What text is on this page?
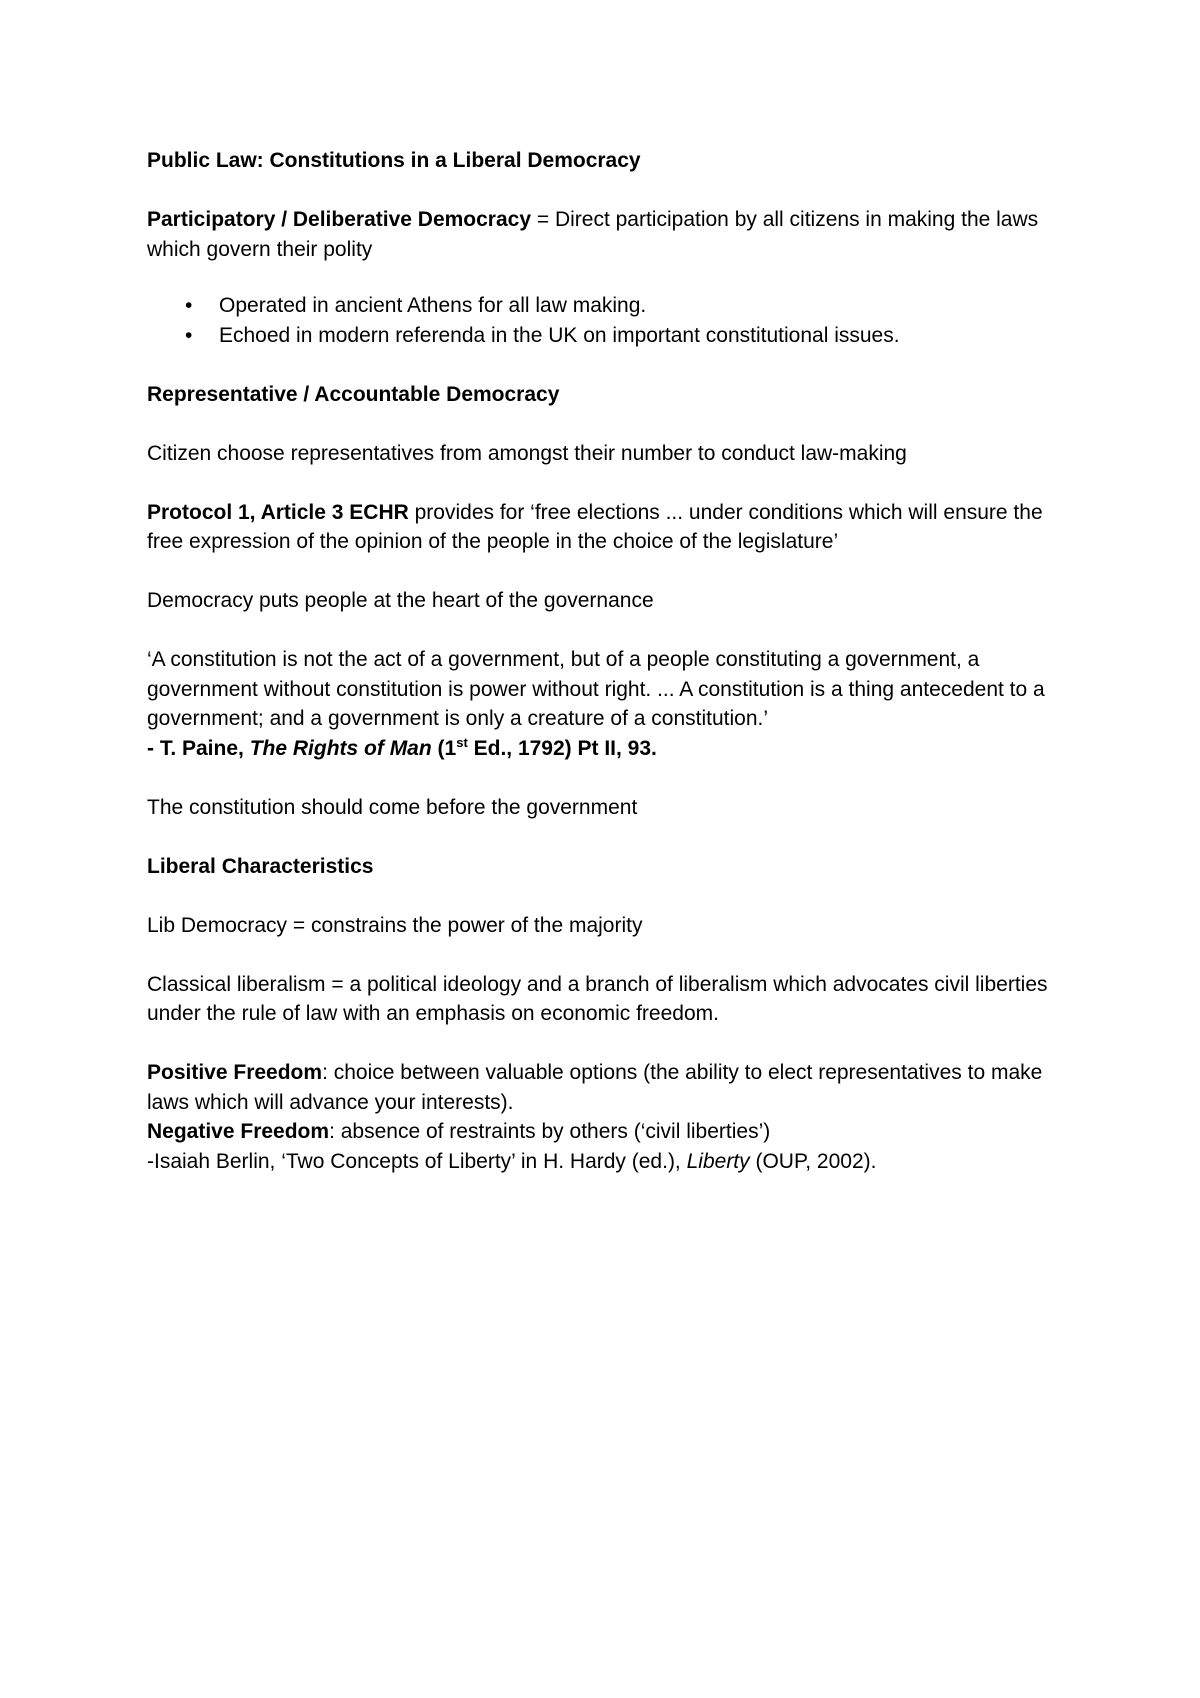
Public Law: Constitutions in a Liberal Democracy

Participatory / Deliberative Democracy = Direct participation by all citizens in making the laws which govern their polity

• Operated in ancient Athens for all law making.
• Echoed in modern referenda in the UK on important constitutional issues.

Representative / Accountable Democracy

Citizen choose representatives from amongst their number to conduct law-making

Protocol 1, Article 3 ECHR provides for ‘free elections ... under conditions which will ensure the free expression of the opinion of the people in the choice of the legislature’

Democracy puts people at the heart of the governance

‘A constitution is not the act of a government, but of a people constituting a government, a government without constitution is power without right. ... A constitution is a thing antecedent to a government; and a government is only a creature of a constitution.’

- T. Paine, The Rights of Man (1st Ed., 1792) Pt II, 93.

The constitution should come before the government

Liberal Characteristics

Lib Democracy = constrains the power of the majority

Classical liberalism = a political ideology and a branch of liberalism which advocates civil liberties under the rule of law with an emphasis on economic freedom.

Positive Freedom: choice between valuable options (the ability to elect representatives to make laws which will advance your interests).

Negative Freedom: absence of restraints by others (‘civil liberties’)

-Isaiah Berlin, ‘Two Concepts of Liberty’ in H. Hardy (ed.), Liberty (OUP, 2002).
